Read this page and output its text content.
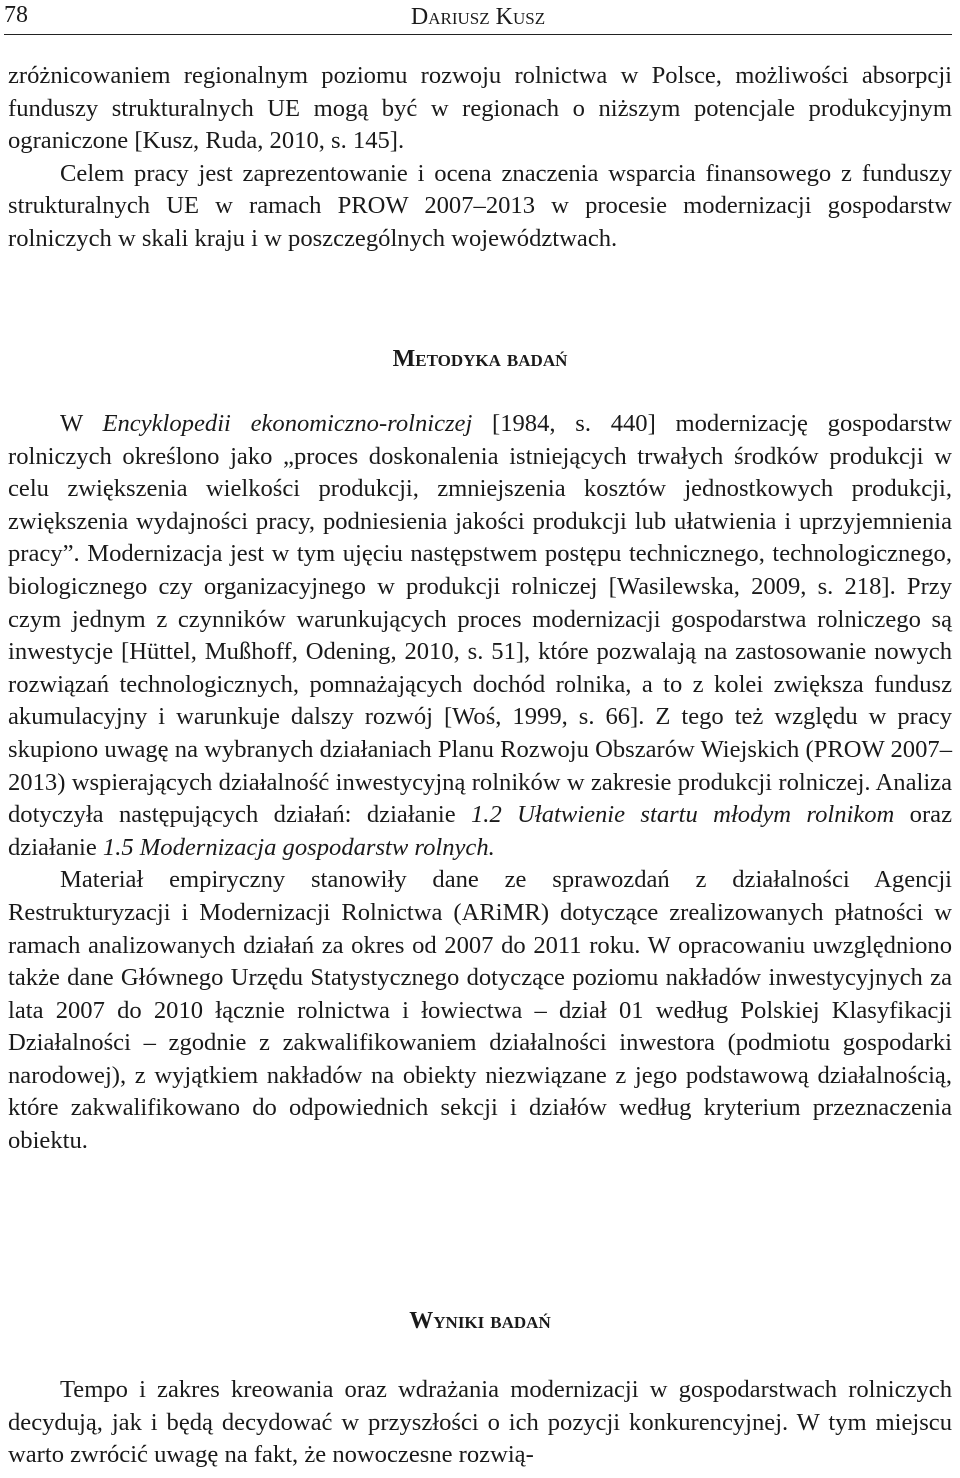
78	Dariusz Kusz

zróżnicowaniem regionalnym poziomu rozwoju rolnictwa w Polsce, możliwości absorpcji funduszy strukturalnych UE mogą być w regionach o niższym potencjale produkcyjnym ograniczone [Kusz, Ruda, 2010, s. 145].

Celem pracy jest zaprezentowanie i ocena znaczenia wsparcia finansowego z funduszy strukturalnych UE w ramach PROW 2007–2013 w procesie modernizacji gospodarstw rolniczych w skali kraju i w poszczególnych województwach.

Metodyka badań

W Encyklopedii ekonomiczno-rolniczej [1984, s. 440] modernizację gospodarstw rolniczych określono jako „proces doskonalenia istniejących trwałych środków produkcji w celu zwiększenia wielkości produkcji, zmniejszenia kosztów jednostkowych produkcji, zwiększenia wydajności pracy, podniesienia jakości produkcji lub ułatwienia i uprzyjemnienia pracy”. Modernizacja jest w tym ujęciu następstwem postępu technicznego, technologicznego, biologicznego czy organizacyjnego w produkcji rolniczej [Wasilewska, 2009, s. 218]. Przy czym jednym z czynników warunkujących proces modernizacji gospodarstwa rolniczego są inwestycje [Hüttel, Mußhoff, Odening, 2010, s. 51], które pozwalają na zastosowanie nowych rozwiązań technologicznych, pomnażających dochód rolnika, a to z kolei zwiększa fundusz akumulacyjny i warunkuje dalszy rozwój [Woś, 1999, s. 66]. Z tego też względu w pracy skupiono uwagę na wybranych działaniach Planu Rozwoju Obszarów Wiejskich (PROW 2007–2013) wspierających działalność inwestycyjną rolników w zakresie produkcji rolniczej. Analiza dotyczyła następujących działań: działanie 1.2 Ułatwienie startu młodym rolnikom oraz działanie 1.5 Modernizacja gospodarstw rolnych.

Materiał empiryczny stanowiły dane ze sprawozdań z działalności Agencji Restrukturyzacji i Modernizacji Rolnictwa (ARiMR) dotyczące zrealizowanych płatności w ramach analizowanych działań za okres od 2007 do 2011 roku. W opracowaniu uwzględniono także dane Głównego Urzędu Statystycznego dotyczące poziomu nakładów inwestycyjnych za lata 2007 do 2010 łącznie rolnictwa i łowiectwa – dział 01 według Polskiej Klasyfikacji Działalności – zgodnie z zakwalifikowaniem działalności inwestora (podmiotu gospodarki narodowej), z wyjątkiem nakładów na obiekty niezwiązane z jego podstawową działalnością, które zakwalifikowano do odpowiednich sekcji i działów według kryterium przeznaczenia obiektu.

Wyniki badań

Tempo i zakres kreowania oraz wdrażania modernizacji w gospodarstwach rolniczych decydują, jak i będą decydować w przyszłości o ich pozycji konkurencyjnej. W tym miejscu warto zwrócić uwagę na fakt, że nowoczesne rozwią-
